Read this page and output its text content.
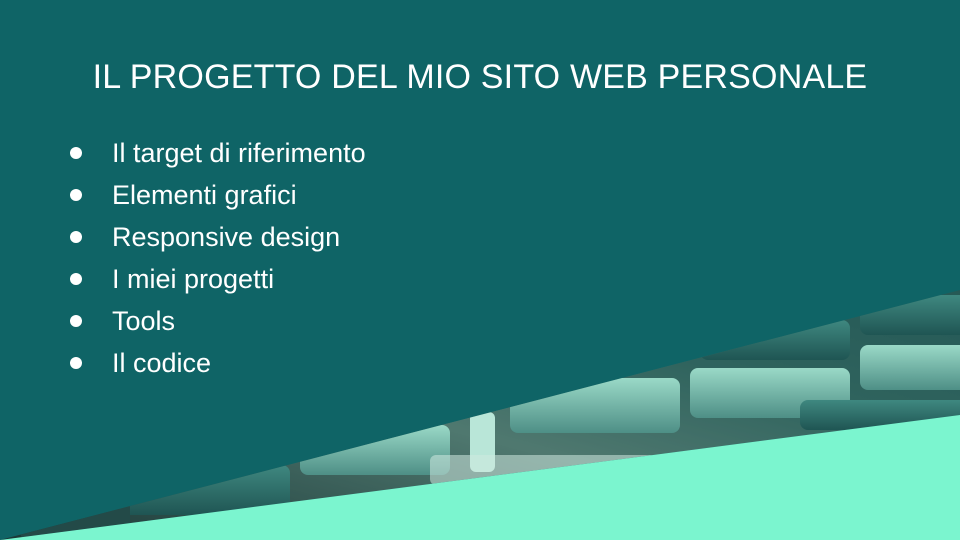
IL PROGETTO DEL MIO SITO WEB PERSONALE
Il target di riferimento
Elementi grafici
Responsive design
I miei progetti
Tools
Il codice
